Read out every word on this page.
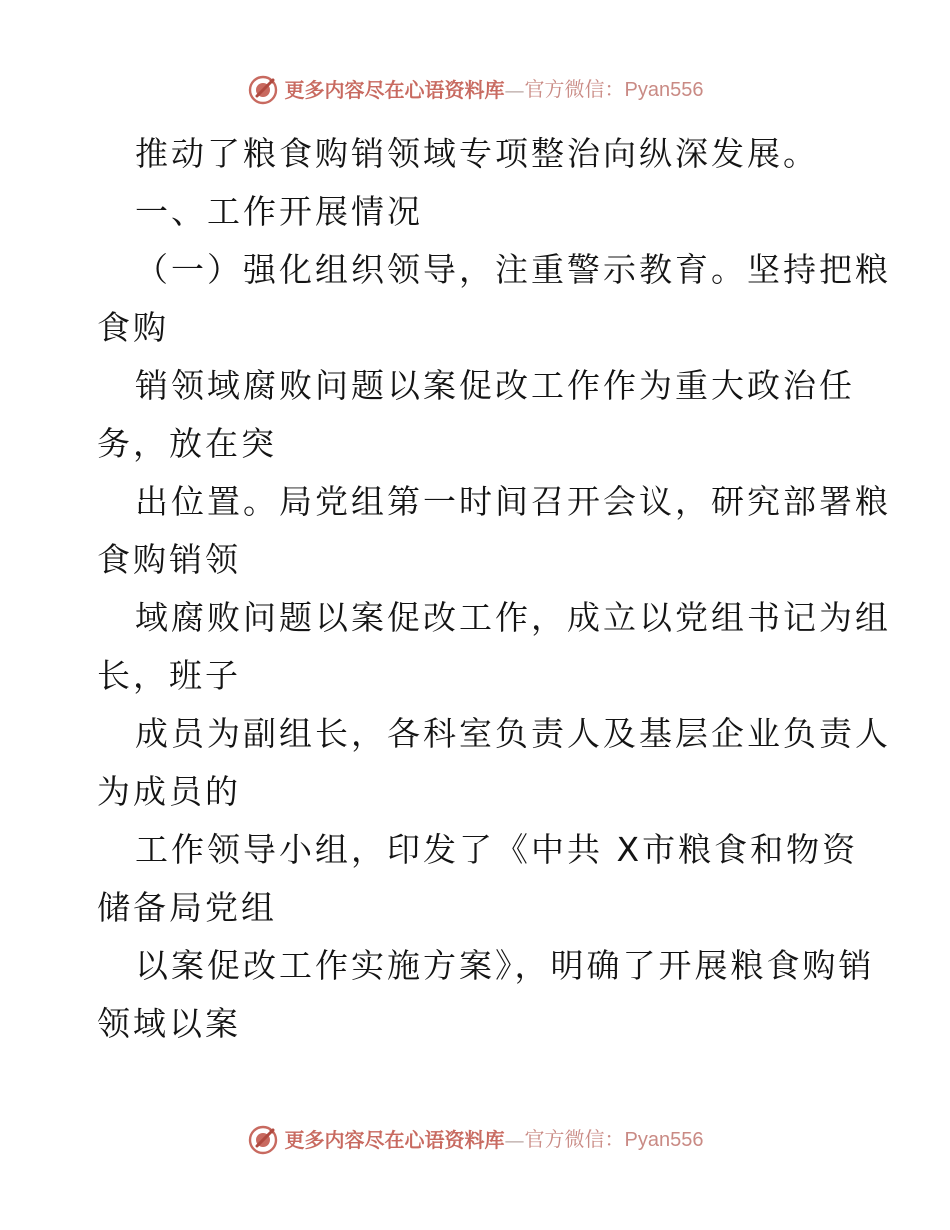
更多内容尽在心语资料库 — 官方微信：Pyan556
推动了粮食购销领域专项整治向纵深发展。
一、工作开展情况
（一）强化组织领导，注重警示教育。坚持把粮
食购
销领域腐败问题以案促改工作作为重大政治任
务，放在突
出位置。局党组第一时间召开会议，研究部署粮
食购销领
域腐败问题以案促改工作，成立以党组书记为组
长，班子
成员为副组长，各科室负责人及基层企业负责人
为成员的
工作领导小组，印发了《中共 X市粮食和物资
储备局党组
以案促改工作实施方案》，明确了开展粮食购销
领域以案
更多内容尽在心语资料库 — 官方微信：Pyan556
